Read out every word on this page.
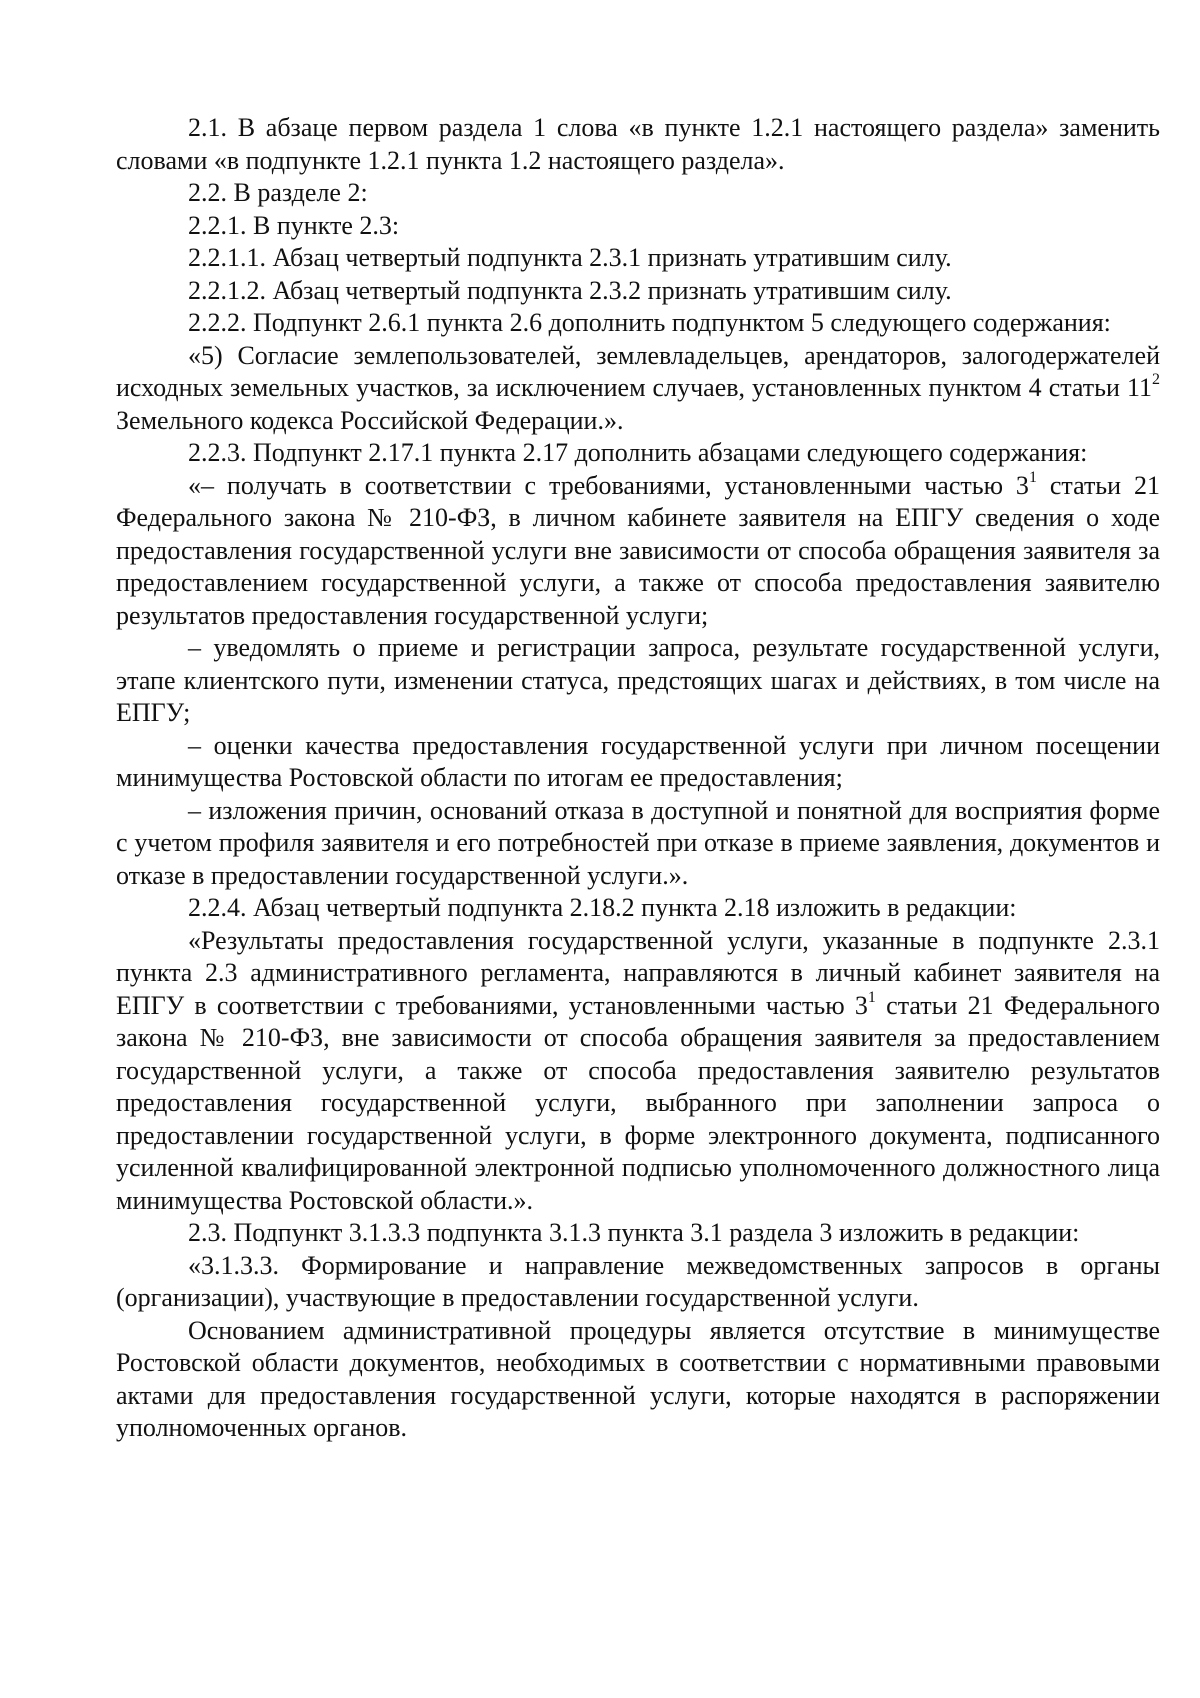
2.1. В абзаце первом раздела 1 слова «в пункте 1.2.1 настоящего раздела» заменить словами «в подпункте 1.2.1 пункта 1.2 настоящего раздела».

2.2. В разделе 2:

2.2.1. В пункте 2.3:

2.2.1.1. Абзац четвертый подпункта 2.3.1 признать утратившим силу.

2.2.1.2. Абзац четвертый подпункта 2.3.2 признать утратившим силу.

2.2.2. Подпункт 2.6.1 пункта 2.6 дополнить подпунктом 5 следующего содержания:

«5) Согласие землепользователей, землевладельцев, арендаторов, залогодержателей исходных земельных участков, за исключением случаев, установленных пунктом 4 статьи $11^2$ Земельного кодекса Российской Федерации.».

2.2.3. Подпункт 2.17.1 пункта 2.17 дополнить абзацами следующего содержания:

«– получать в соответствии с требованиями, установленными частью $3^1$ статьи 21 Федерального закона № 210-ФЗ, в личном кабинете заявителя на ЕПГУ сведения о ходе предоставления государственной услуги вне зависимости от способа обращения заявителя за предоставлением государственной услуги, а также от способа предоставления заявителю результатов предоставления государственной услуги;

– уведомлять о приеме и регистрации запроса, результате государственной услуги, этапе клиентского пути, изменении статуса, предстоящих шагах и действиях, в том числе на ЕПГУ;

– оценки качества предоставления государственной услуги при личном посещении минимущества Ростовской области по итогам ее предоставления;

– изложения причин, оснований отказа в доступной и понятной для восприятия форме с учетом профиля заявителя и его потребностей при отказе в приеме заявления, документов и отказе в предоставлении государственной услуги.».

2.2.4. Абзац четвертый подпункта 2.18.2 пункта 2.18 изложить в редакции:

«Результаты предоставления государственной услуги, указанные в подпункте 2.3.1 пункта 2.3 административного регламента, направляются в личный кабинет заявителя на ЕПГУ в соответствии с требованиями, установленными частью $3^1$ статьи 21 Федерального закона № 210-ФЗ, вне зависимости от способа обращения заявителя за предоставлением государственной услуги, а также от способа предоставления заявителю результатов предоставления государственной услуги, выбранного при заполнении запроса о предоставлении государственной услуги, в форме электронного документа, подписанного усиленной квалифицированной электронной подписью уполномоченного должностного лица минимущества Ростовской области.».

2.3. Подпункт 3.1.3.3 подпункта 3.1.3 пункта 3.1 раздела 3 изложить в редакции:

«3.1.3.3. Формирование и направление межведомственных запросов в органы (организации), участвующие в предоставлении государственной услуги.

Основанием административной процедуры является отсутствие в минимуществе Ростовской области документов, необходимых в соответствии с нормативными правовыми актами для предоставления государственной услуги, которые находятся в распоряжении уполномоченных органов.
